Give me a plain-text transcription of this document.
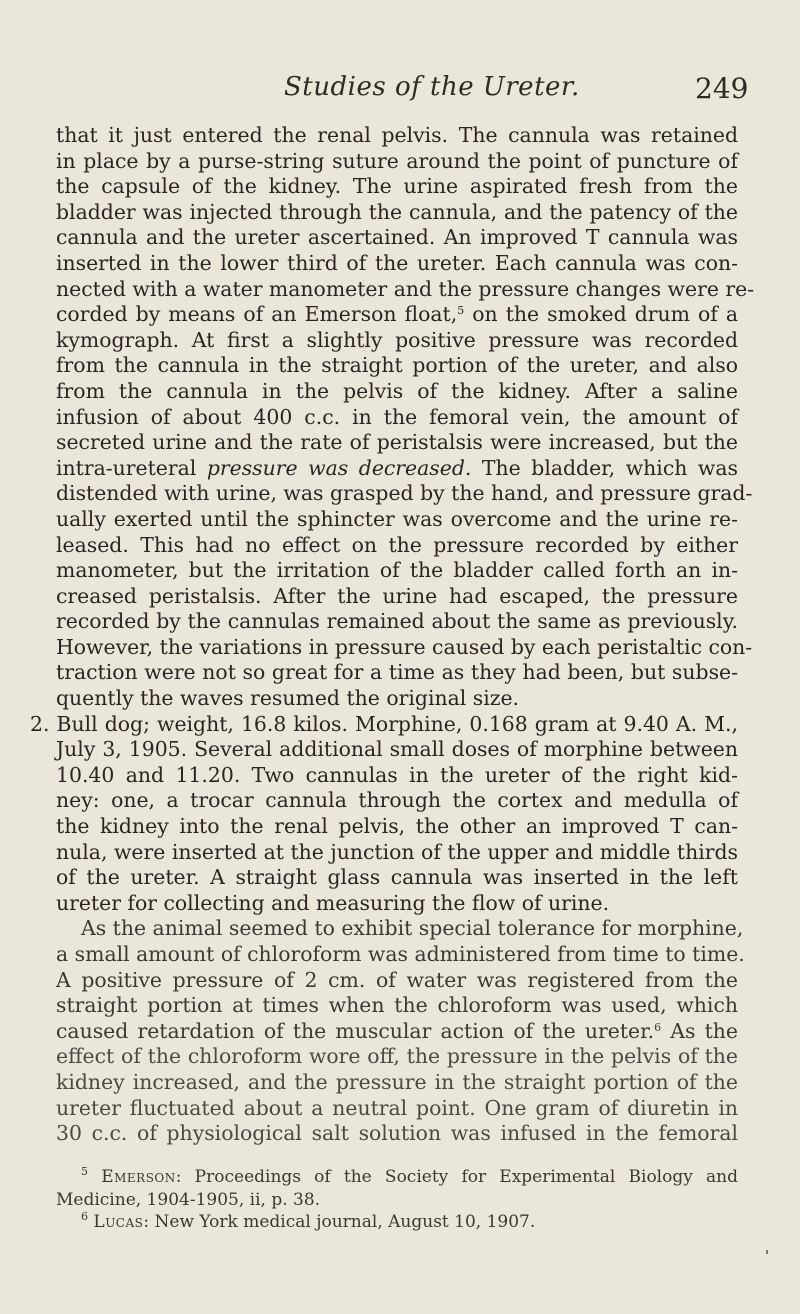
Studies of the Ureter.	249
that it just entered the renal pelvis. The cannula was retained
in place by a purse-string suture around the point of puncture of
the capsule of the kidney. The urine aspirated fresh from the
bladder was injected through the cannula, and the patency of the
cannula and the ureter ascertained. An improved T cannula was
inserted in the lower third of the ureter. Each cannula was con-
nected with a water manometer and the pressure changes were re-
corded by means of an Emerson float,$^5$ on the smoked drum of a
kymograph. At first a slightly positive pressure was recorded
from the cannula in the straight portion of the ureter, and also
from the cannula in the pelvis of the kidney. After a saline
infusion of about 400 c.c. in the femoral vein, the amount of
secreted urine and the rate of peristalsis were increased, but the
intra-ureteral pressure was decreased. The bladder, which was
distended with urine, was grasped by the hand, and pressure grad-
ually exerted until the sphincter was overcome and the urine re-
leased. This had no effect on the pressure recorded by either
manometer, but the irritation of the bladder called forth an in-
creased peristalsis. After the urine had escaped, the pressure
recorded by the cannulas remained about the same as previously.
However, the variations in pressure caused by each peristaltic con-
traction were not so great for a time as they had been, but subse-
quently the waves resumed the original size.
2. Bull dog; weight, 16.8 kilos. Morphine, 0.168 gram at 9.40 A. M.,
July 3, 1905. Several additional small doses of morphine between
10.40 and 11.20. Two cannulas in the ureter of the right kid-
ney: one, a trocar cannula through the cortex and medulla of
the kidney into the renal pelvis, the other an improved T can-
nula, were inserted at the junction of the upper and middle thirds
of the ureter. A straight glass cannula was inserted in the left
ureter for collecting and measuring the flow of urine.
As the animal seemed to exhibit special tolerance for morphine,
a small amount of chloroform was administered from time to time.
A positive pressure of 2 cm. of water was registered from the
straight portion at times when the chloroform was used, which
caused retardation of the muscular action of the ureter.$^6$ As the
effect of the chloroform wore off, the pressure in the pelvis of the
kidney increased, and the pressure in the straight portion of the
ureter fluctuated about a neutral point. One gram of diuretin in
30 c.c. of physiological salt solution was infused in the femoral
$^5$ Emerson: Proceedings of the Society for Experimental Biology and
Medicine, 1904-1905, ii, p. 38.
$^6$ Lucas: New York medical journal, August 10, 1907.
